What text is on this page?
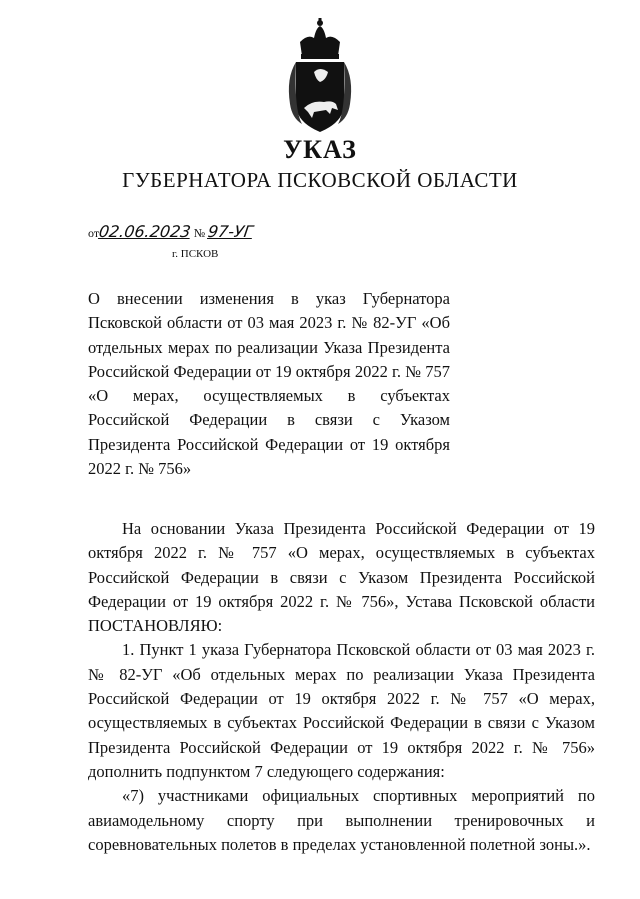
УКАЗ
ГУБЕРНАТОРА ПСКОВСКОЙ ОБЛАСТИ
от02.06.2023 № 97-УГ
г. ПСКОВ

О внесении изменения в указ Губернатора Псковской области от 03 мая 2023 г. № 82-УГ «Об отдельных мерах по реализации Указа Президента Российской Федерации от 19 октября 2022 г. № 757 «О мерах, осуществляемых в субъектах Российской Федерации в связи с Указом Президента Российской Федерации от 19 октября 2022 г. № 756»

На основании Указа Президента Российской Федерации от 19 октября 2022 г. № 757 «О мерах, осуществляемых в субъектах Российской Федерации в связи с Указом Президента Российской Федерации от 19 октября 2022 г. № 756», Устава Псковской области ПОСТАНОВЛЯЮ:

1. Пункт 1 указа Губернатора Псковской области от 03 мая 2023 г. № 82-УГ «Об отдельных мерах по реализации Указа Президента Российской Федерации от 19 октября 2022 г. № 757 «О мерах, осуществляемых в субъектах Российской Федерации в связи с Указом Президента Российской Федерации от 19 октября 2022 г. № 756» дополнить подпунктом 7 следующего содержания:

«7) участниками официальных спортивных мероприятий по авиамодельному спорту при выполнении тренировочных и соревновательных полетов в пределах установленной полетной зоны.».
